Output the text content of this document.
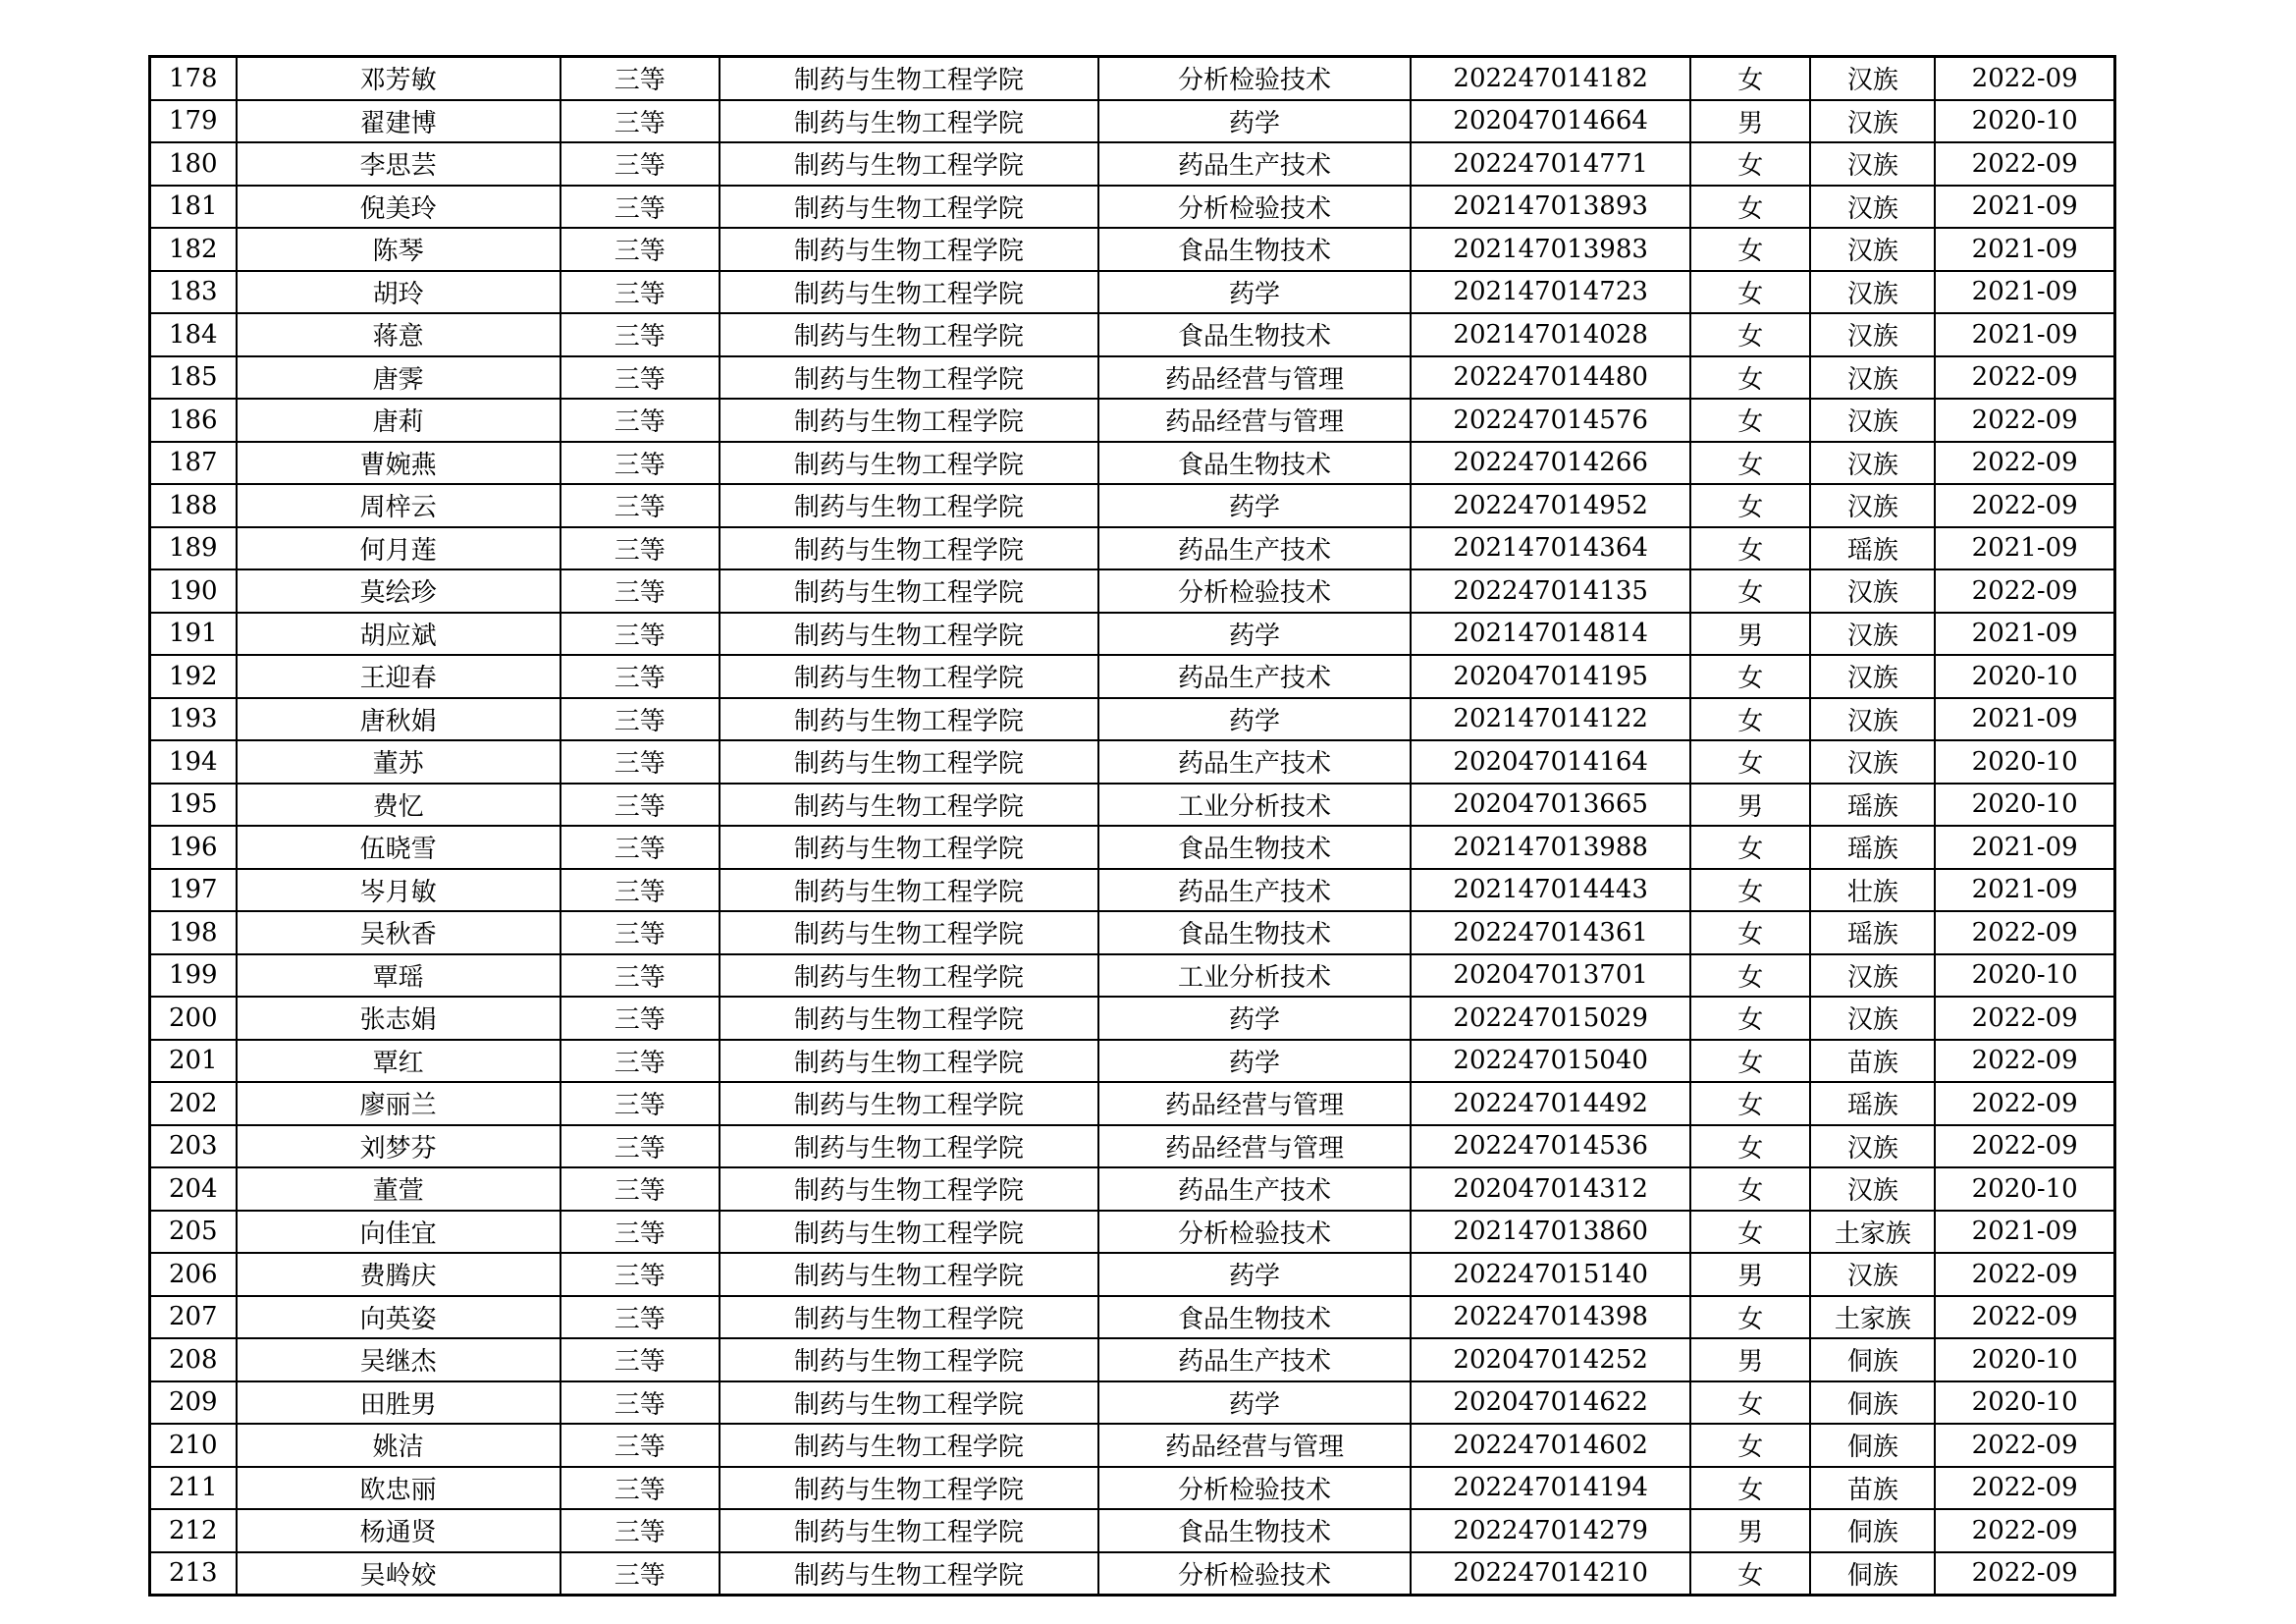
178	邓芳敏	三等	制药与生物工程学院	分析检验技术	202247014182	女	汉族	2022-09
179	翟建博	三等	制药与生物工程学院	药学	202047014664	男	汉族	2020-10
180	李思芸	三等	制药与生物工程学院	药品生产技术	202247014771	女	汉族	2022-09
181	倪美玲	三等	制药与生物工程学院	分析检验技术	202147013893	女	汉族	2021-09
182	陈琴	三等	制药与生物工程学院	食品生物技术	202147013983	女	汉族	2021-09
183	胡玲	三等	制药与生物工程学院	药学	202147014723	女	汉族	2021-09
184	蒋意	三等	制药与生物工程学院	食品生物技术	202147014028	女	汉族	2021-09
185	唐霁	三等	制药与生物工程学院	药品经营与管理	202247014480	女	汉族	2022-09
186	唐莉	三等	制药与生物工程学院	药品经营与管理	202247014576	女	汉族	2022-09
187	曹婉燕	三等	制药与生物工程学院	食品生物技术	202247014266	女	汉族	2022-09
188	周梓云	三等	制药与生物工程学院	药学	202247014952	女	汉族	2022-09
189	何月莲	三等	制药与生物工程学院	药品生产技术	202147014364	女	瑶族	2021-09
190	莫绘珍	三等	制药与生物工程学院	分析检验技术	202247014135	女	汉族	2022-09
191	胡应斌	三等	制药与生物工程学院	药学	202147014814	男	汉族	2021-09
192	王迎春	三等	制药与生物工程学院	药品生产技术	202047014195	女	汉族	2020-10
193	唐秋娟	三等	制药与生物工程学院	药学	202147014122	女	汉族	2021-09
194	董苏	三等	制药与生物工程学院	药品生产技术	202047014164	女	汉族	2020-10
195	费忆	三等	制药与生物工程学院	工业分析技术	202047013665	男	瑶族	2020-10
196	伍晓雪	三等	制药与生物工程学院	食品生物技术	202147013988	女	瑶族	2021-09
197	岑月敏	三等	制药与生物工程学院	药品生产技术	202147014443	女	壮族	2021-09
198	吴秋香	三等	制药与生物工程学院	食品生物技术	202247014361	女	瑶族	2022-09
199	覃瑶	三等	制药与生物工程学院	工业分析技术	202047013701	女	汉族	2020-10
200	张志娟	三等	制药与生物工程学院	药学	202247015029	女	汉族	2022-09
201	覃红	三等	制药与生物工程学院	药学	202247015040	女	苗族	2022-09
202	廖丽兰	三等	制药与生物工程学院	药品经营与管理	202247014492	女	瑶族	2022-09
203	刘梦芬	三等	制药与生物工程学院	药品经营与管理	202247014536	女	汉族	2022-09
204	董萱	三等	制药与生物工程学院	药品生产技术	202047014312	女	汉族	2020-10
205	向佳宜	三等	制药与生物工程学院	分析检验技术	202147013860	女	土家族	2021-09
206	费腾庆	三等	制药与生物工程学院	药学	202247015140	男	汉族	2022-09
207	向英姿	三等	制药与生物工程学院	食品生物技术	202247014398	女	土家族	2022-09
208	吴继杰	三等	制药与生物工程学院	药品生产技术	202047014252	男	侗族	2020-10
209	田胜男	三等	制药与生物工程学院	药学	202047014622	女	侗族	2020-10
210	姚洁	三等	制药与生物工程学院	药品经营与管理	202247014602	女	侗族	2022-09
211	欧忠丽	三等	制药与生物工程学院	分析检验技术	202247014194	女	苗族	2022-09
212	杨通贤	三等	制药与生物工程学院	食品生物技术	202247014279	男	侗族	2022-09
213	吴岭姣	三等	制药与生物工程学院	分析检验技术	202247014210	女	侗族	2022-09
